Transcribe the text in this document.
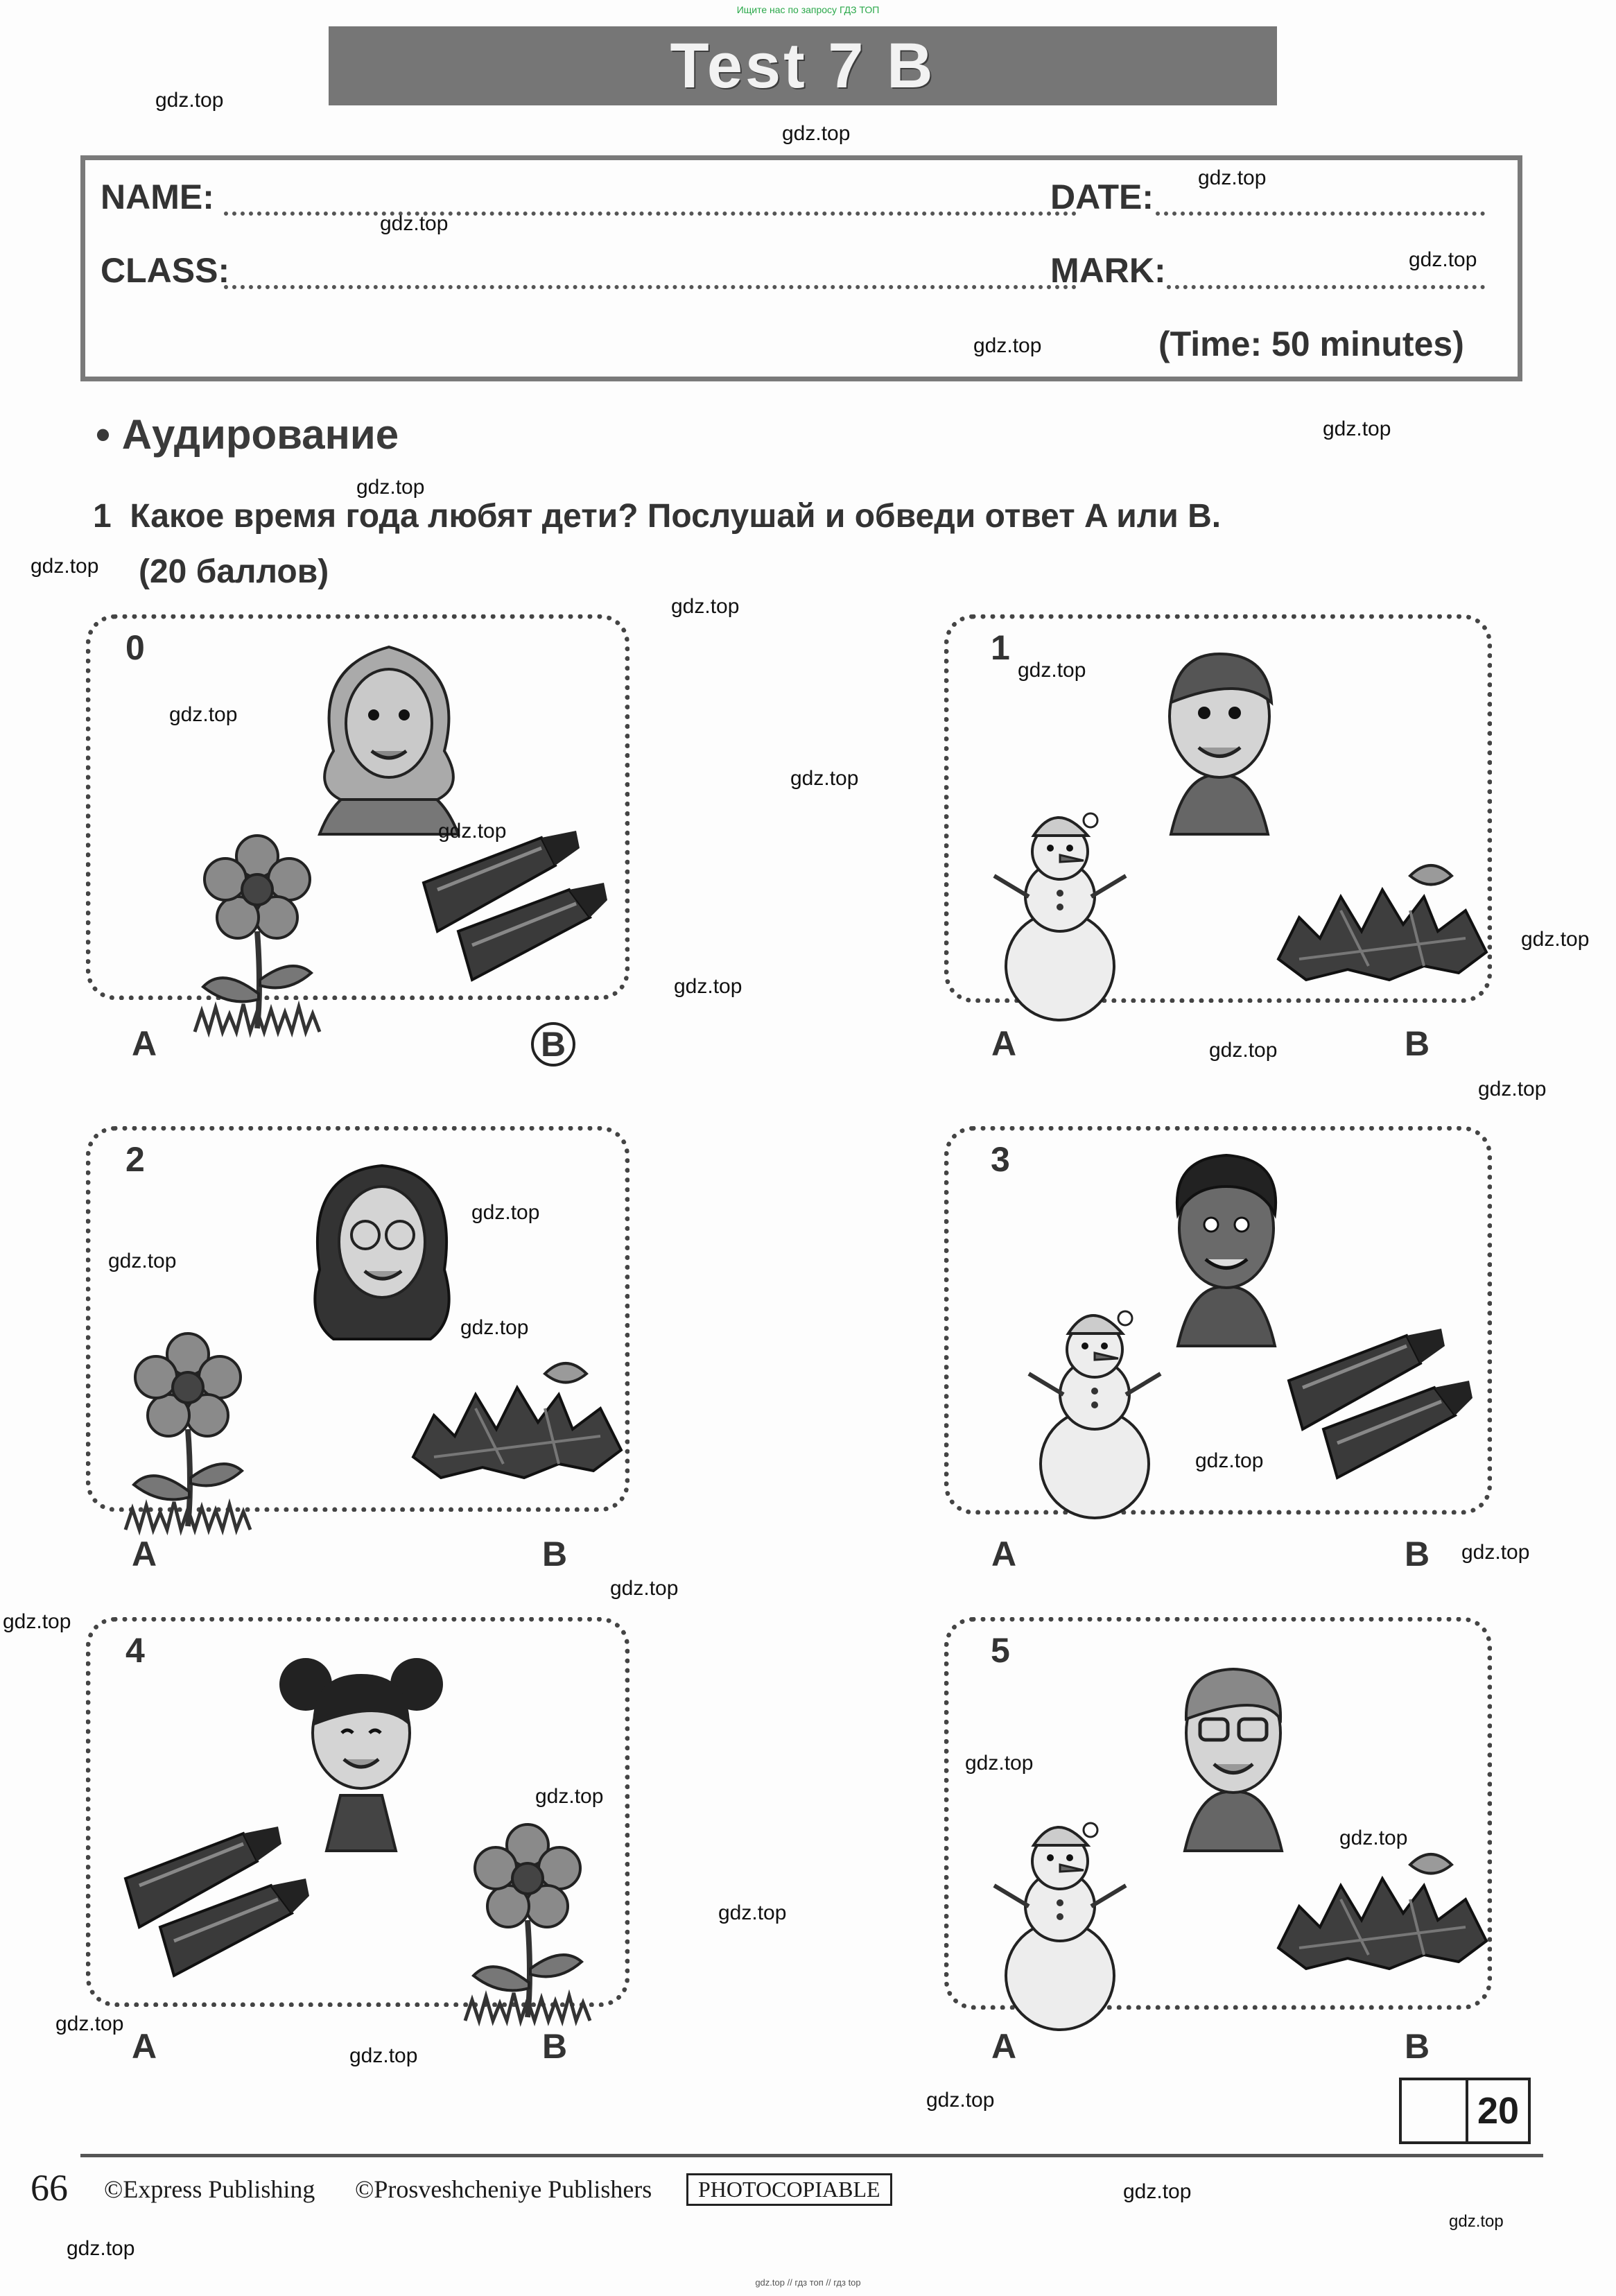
Ищите нас по запросу ГДЗ ТОП
Test 7 B
NAME:	DATE:
CLASS:	MARK:
(Time: 50 minutes)
• Аудирование
1 Какое время года любят дети? Послушай и обведи ответ A или B.
(20 баллов)
0
A	B
1
A	B
2
A	B
3
A	B
4
A	B
5
A	B
20
66 ©Express Publishing ©Prosveshcheniye Publishers	PHOTOCOPIABLE
gdz.top
gdz.top
gdz.top
gdz.top
gdz.top
gdz.top
gdz.top
gdz.top
gdz.top
gdz.top
gdz.top
gdz.top
gdz.top
gdz.top
gdz.top
gdz.top
gdz.top
gdz.top
gdz.top
gdz.top
gdz.top
gdz.top
gdz.top
gdz.top
gdz.top
gdz.top
gdz.top
gdz.top
gdz.top
gdz.top
gdz.top
gdz.top
gdz.top
gdz.top
gdz.top
gdz.top // гдз топ // гдз top
